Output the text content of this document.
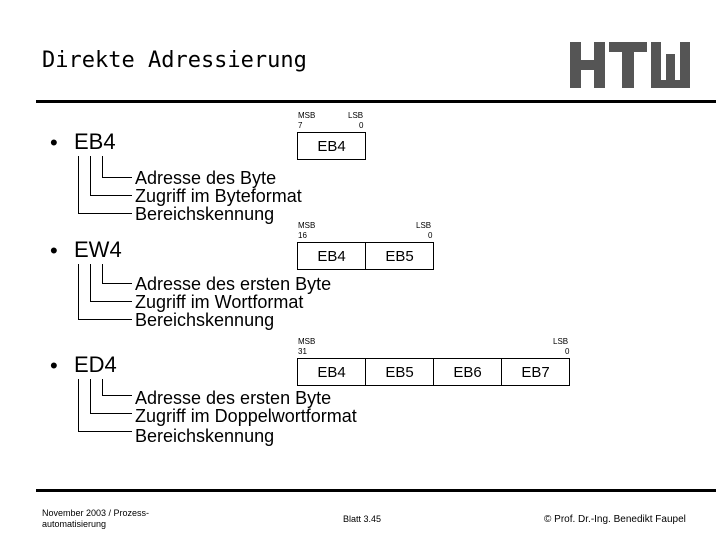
Direkte Adressierung
• EB4
Adresse des Byte
Zugriff im Byteformat
Bereichskennung
MSB
7
LSB
0
EB4
• EW4
Adresse des ersten Byte
Zugriff im Wortformat
Bereichskennung
MSB
16
LSB
0
EB4	EB5
• ED4
Adresse des ersten Byte
Zugriff im Doppelwortformat
Bereichskennung
MSB
31
LSB
0
EB4	EB5	EB6	EB7
November 2003 / Prozess-
automatisierung	Blatt 3.45	© Prof. Dr.-Ing. Benedikt Faupel
